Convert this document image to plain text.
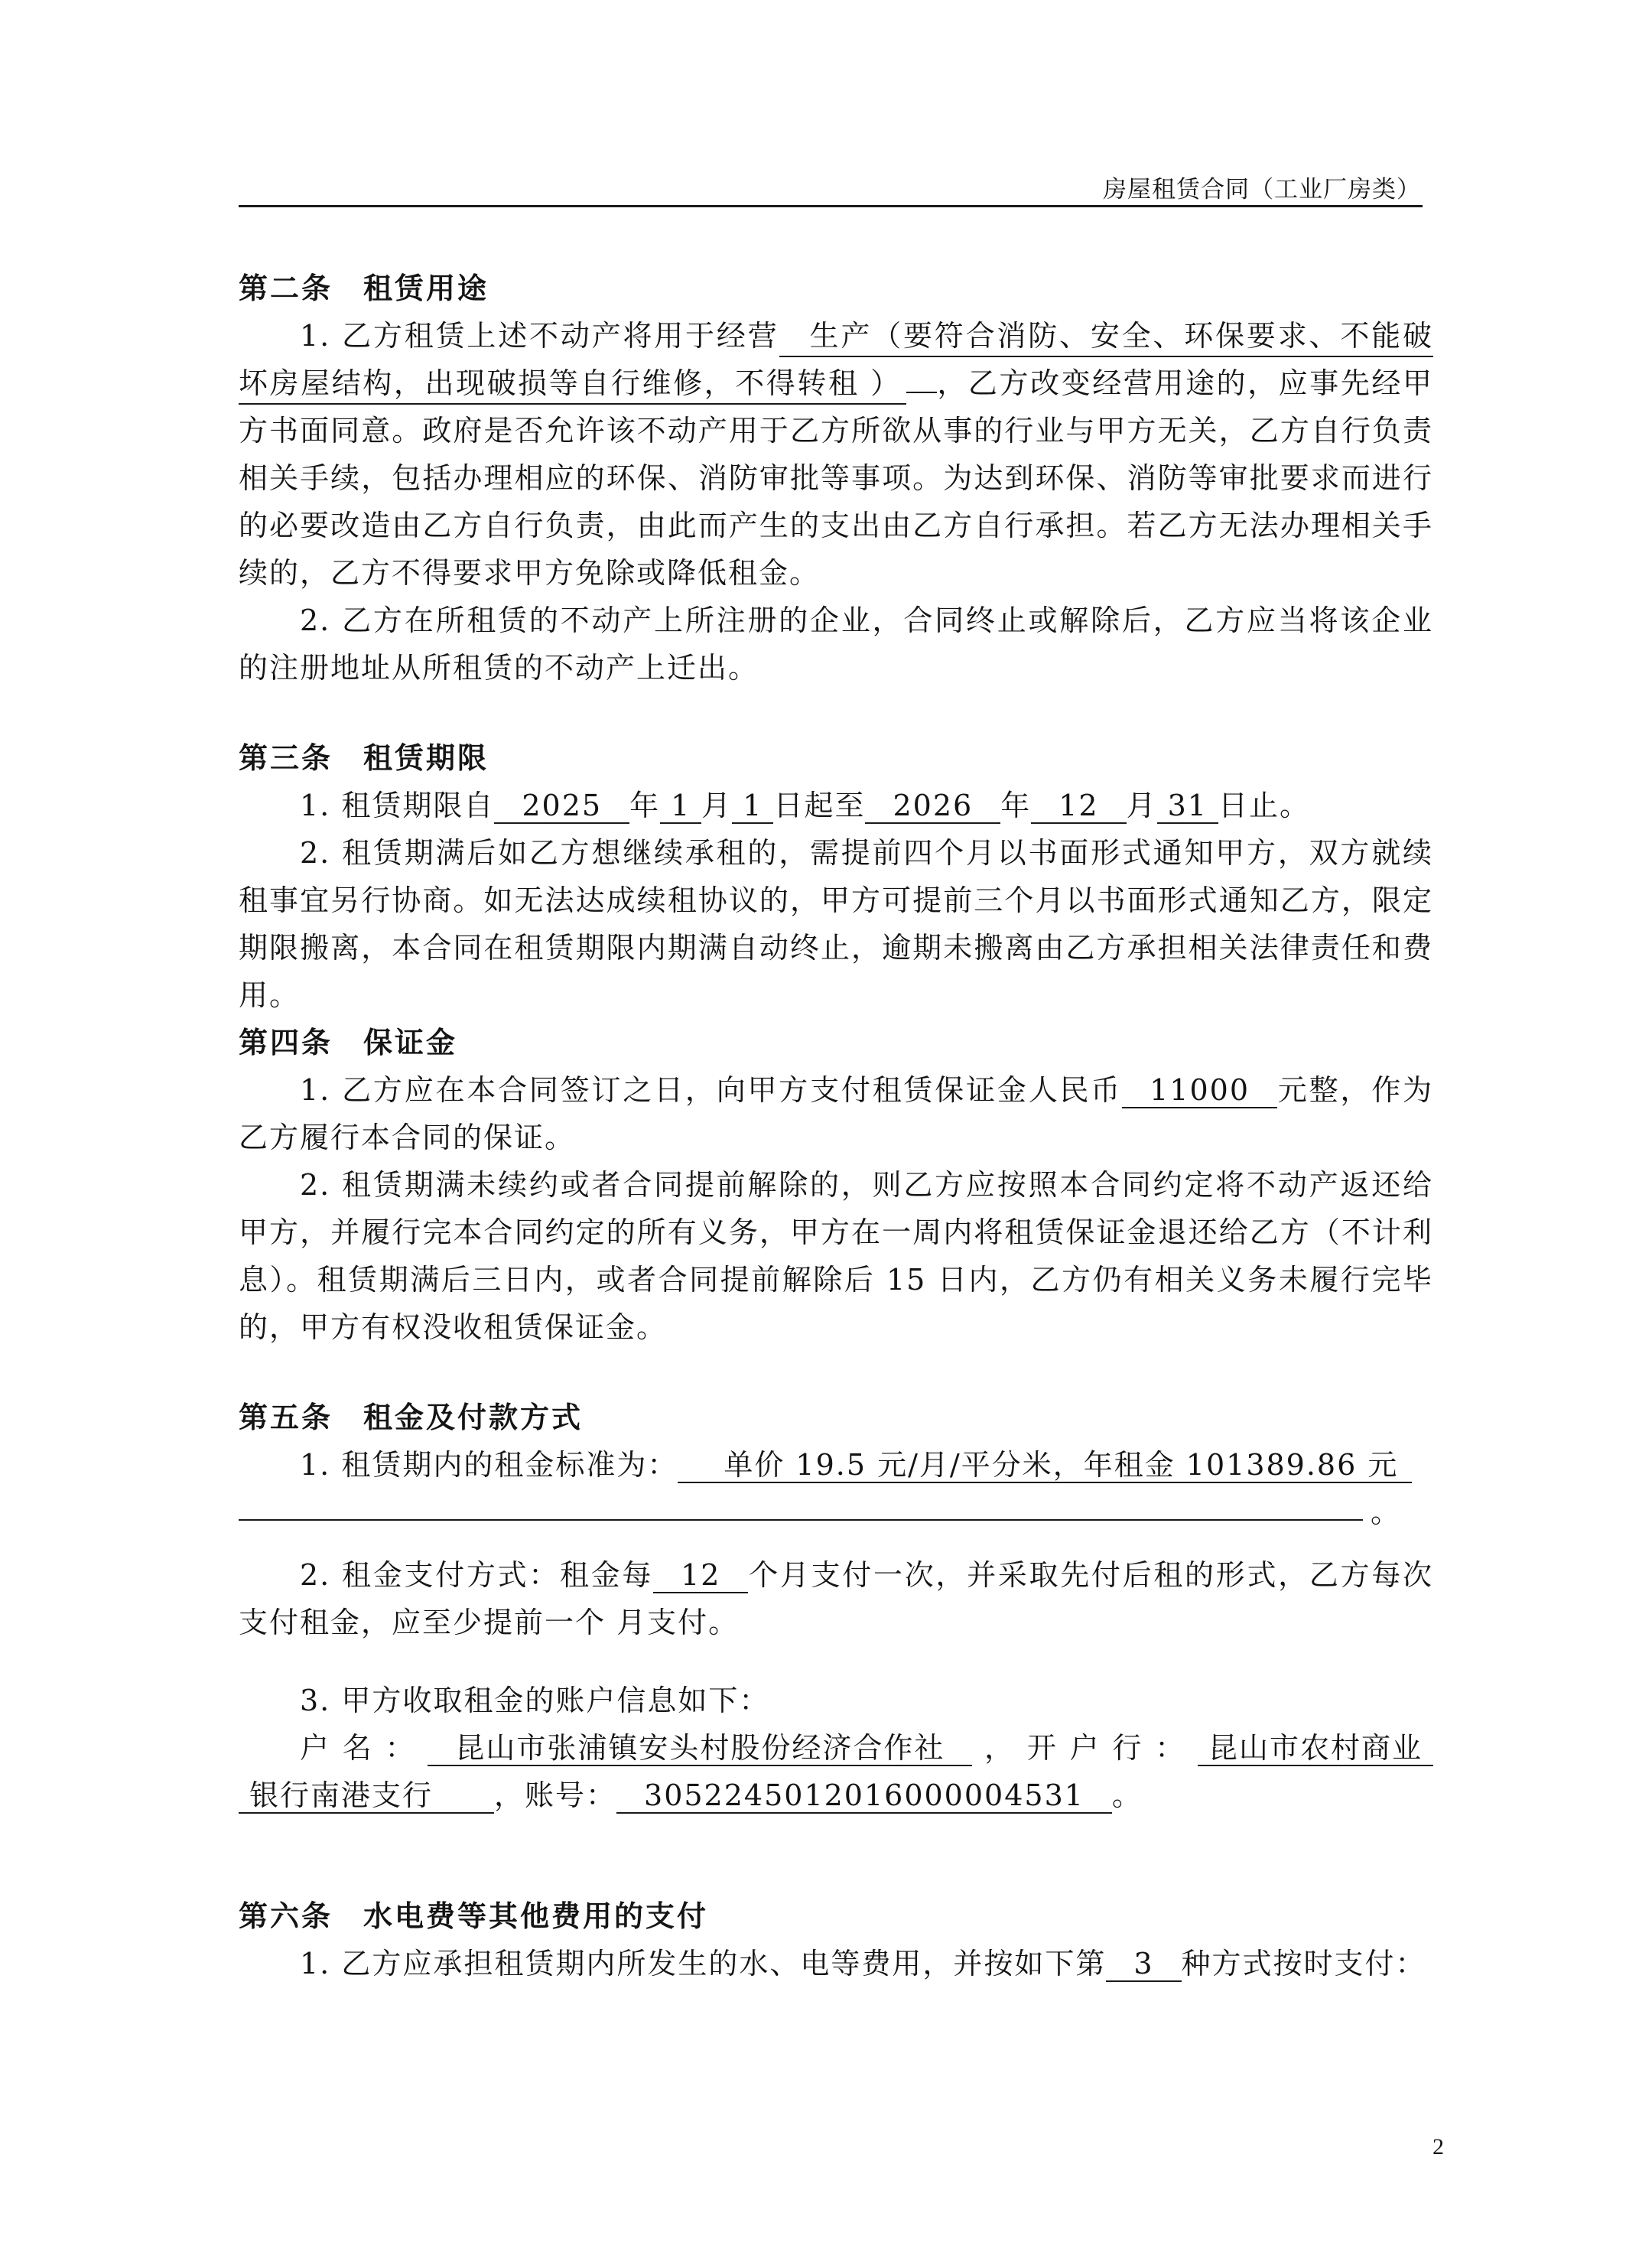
房屋租赁合同（工业厂房类）

第二条 租赁用途

1. 乙方租赁上述不动产将用于经营 生产（要符合消防、安全、环保要求、不能破坏房屋结构，出现破损等自行维修，不得转租 ） ，乙方改变经营用途的，应事先经甲方书面同意。政府是否允许该不动产用于乙方所欲从事的行业与甲方无关，乙方自行负责相关手续，包括办理相应的环保、消防审批等事项。为达到环保、消防等审批要求而进行的必要改造由乙方自行负责，由此而产生的支出由乙方自行承担。若乙方无法办理相关手续的，乙方不得要求甲方免除或降低租金。

2. 乙方在所租赁的不动产上所注册的企业，合同终止或解除后，乙方应当将该企业的注册地址从所租赁的不动产上迁出。

第三条 租赁期限

1. 租赁期限自 2025 年 1 月 1 日起至 2026 年 12 月 31 日止。

2. 租赁期满后如乙方想继续承租的，需提前四个月以书面形式通知甲方，双方就续租事宜另行协商。如无法达成续租协议的，甲方可提前三个月以书面形式通知乙方，限定期限搬离，本合同在租赁期限内期满自动终止，逾期未搬离由乙方承担相关法律责任和费用。

第四条 保证金

1. 乙方应在本合同签订之日，向甲方支付租赁保证金人民币 11000 元整，作为乙方履行本合同的保证。

2. 租赁期满未续约或者合同提前解除的，则乙方应按照本合同约定将不动产返还给甲方，并履行完本合同约定的所有义务，甲方在一周内将租赁保证金退还给乙方（不计利息）。租赁期满后三日内，或者合同提前解除后 15 日内，乙方仍有相关义务未履行完毕的，甲方有权没收租赁保证金。

第五条 租金及付款方式

1. 租赁期内的租金标准为： 单价 19.5 元/月/平分米，年租金 101389.86 元
。

2. 租金支付方式：租金每 12 个月支付一次，并采取先付后租的形式，乙方每次支付租金，应至少提前一个 月支付。

3. 甲方收取租金的账户信息如下：

户名： 昆山市张浦镇安头村股份经济合作社 ，开户行： 昆山市农村商业银行南港支行 ，账号： 3052245012016000004531 。

第六条 水电费等其他费用的支付

1. 乙方应承担租赁期内所发生的水、电等费用，并按如下第 3 种方式按时支付：

2
